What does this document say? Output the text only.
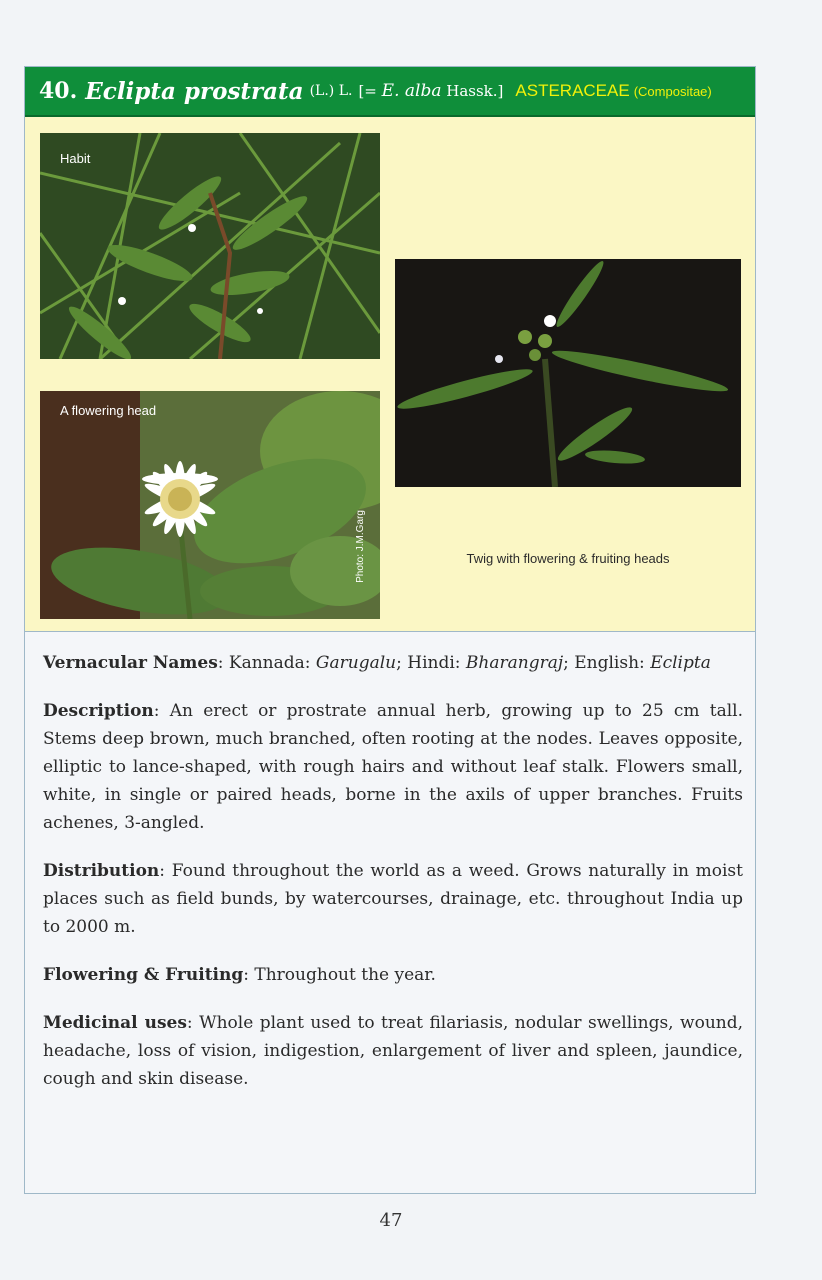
40. Eclipta prostrata (L.) L. [= E. alba Hassk.] ASTERACEAE (Compositae)
Habit
A flowering head
Photo: J.M.Garg	Twig with flowering & fruiting heads

Vernacular Names: Kannada: Garugalu; Hindi: Bharangraj; English: Eclipta

Description: An erect or prostrate annual herb, growing up to 25 cm tall. Stems deep brown, much branched, often rooting at the nodes. Leaves opposite, elliptic to lance-shaped, with rough hairs and without leaf stalk. Flowers small, white, in single or paired heads, borne in the axils of upper branches. Fruits achenes, 3-angled.

Distribution: Found throughout the world as a weed. Grows naturally in moist places such as field bunds, by watercourses, drainage, etc. throughout India up to 2000 m.

Flowering & Fruiting: Throughout the year.

Medicinal uses: Whole plant used to treat filariasis, nodular swellings, wound, headache, loss of vision, indigestion, enlargement of liver and spleen, jaundice, cough and skin disease.

47
